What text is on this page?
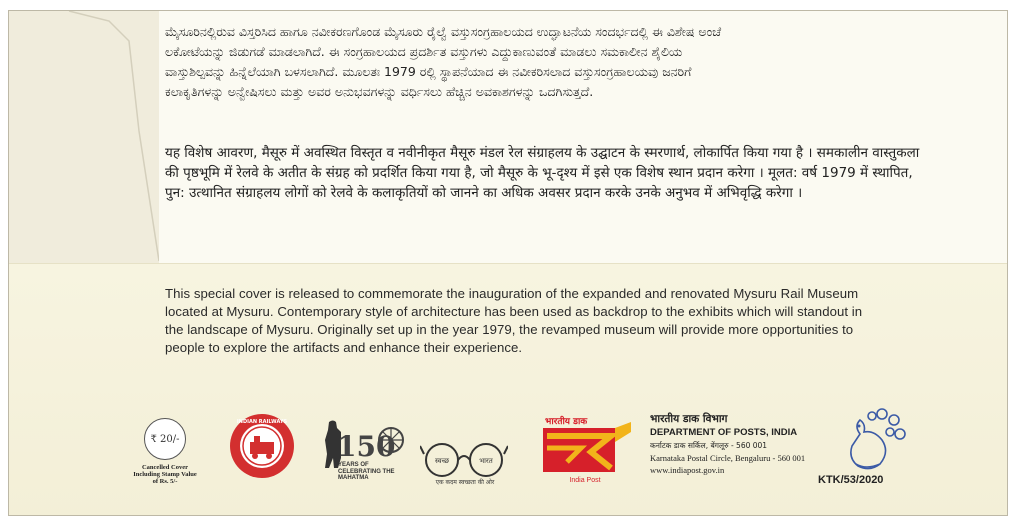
ಮೈಸೂರಿನಲ್ಲಿರುವ ವಿಸ್ತರಿಸಿದ ಹಾಗೂ ನವೀಕರಣಗೊಂಡ ಮೈಸೂರು ರೈಲ್ವೆ ವಸ್ತುಸಂಗ್ರಹಾಲಯದ ಉದ್ಘಾಟನೆಯ ಸಂದರ್ಭದಲ್ಲಿ ಈ ವಿಶೇಷ ಅಂಚೆ

ಲಕೋಟೆಯನ್ನು ಜಿಡುಗಡೆ ಮಾಡಲಾಗಿದೆ. ಈ ಸಂಗ್ರಹಾಲಯದ ಪ್ರದರ್ಶಿತ ವಸ್ತುಗಳು ಎದ್ದುಕಾಣುವಂತೆ ಮಾಡಲು ಸಮಕಾಲೀನ ಶೈಲಿಯ

ವಾಸ್ತುಶಿಲ್ಪವನ್ನು ಹಿನ್ನೆಲೆಯಾಗಿ ಬಳಸಲಾಗಿದೆ. ಮೂಲತಃ 1979 ರಲ್ಲಿ ಸ್ಥಾಪನೆಯಾದ ಈ ನವೀಕರಿಸಲಾದ ವಸ್ತುಸಂಗ್ರಹಾಲಯವು ಜನರಿಗೆ

ಕಲಾಕೃತಿಗಳನ್ನು ಅನ್ವೇಷಿಸಲು ಮತ್ತು ಅವರ ಅನುಭವಗಳನ್ನು ವರ್ಧಿಸಲು ಹೆಚ್ಚಿನ ಅವಕಾಶಗಳನ್ನು ಒದಗಿಸುತ್ತದೆ.

यह विशेष आवरण, मैसूरु में अवस्थित विस्तृत व नवीनीकृत मैसूरु मंडल रेल संग्राहलय के उद्घाटन के स्मरणार्थ, लोकार्पित किया गया है । समकालीन वास्तुकला की पृष्ठभूमि में रेलवे के अतीत के संग्रह को प्रदर्शित किया गया है, जो मैसूरु के भू-दृश्य में इसे एक विशेष स्थान प्रदान करेगा । मूलत: वर्ष 1979 में स्थापित, पुन: उत्थानित संग्राहलय लोगों को रेलवे के कलाकृतियों को जानने का अधिक अवसर प्रदान करके उनके अनुभव में अभिवृद्धि करेगा ।

This special cover is released to commemorate the inauguration of the expanded and renovated Mysuru Rail Museum

located at Mysuru. Contemporary style of architecture has been used as backdrop to the exhibits which will standout in

the landscape of Mysuru. Originally set up in the year 1979, the revamped museum will provide more opportunities to

people to explore the artifacts and enhance their experience.

₹ 20/-
Cancelled Cover Including Stamp Value of Rs. 5/-
INDIAN RAILWAYS
150
YEARS OF CELEBRATING THE MAHATMA
स्वच्छ	भारत
एक कदम स्वच्छता की ओर
भारतीय डाक
India Post
भारतीय डाक विभाग
DEPARTMENT OF POSTS, INDIA
कर्नाटक डाक सर्किल, बेंगलूरु - 560 001
Karnataka Postal Circle, Bengaluru - 560 001
www.indiapost.gov.in
KTK/53/2020
